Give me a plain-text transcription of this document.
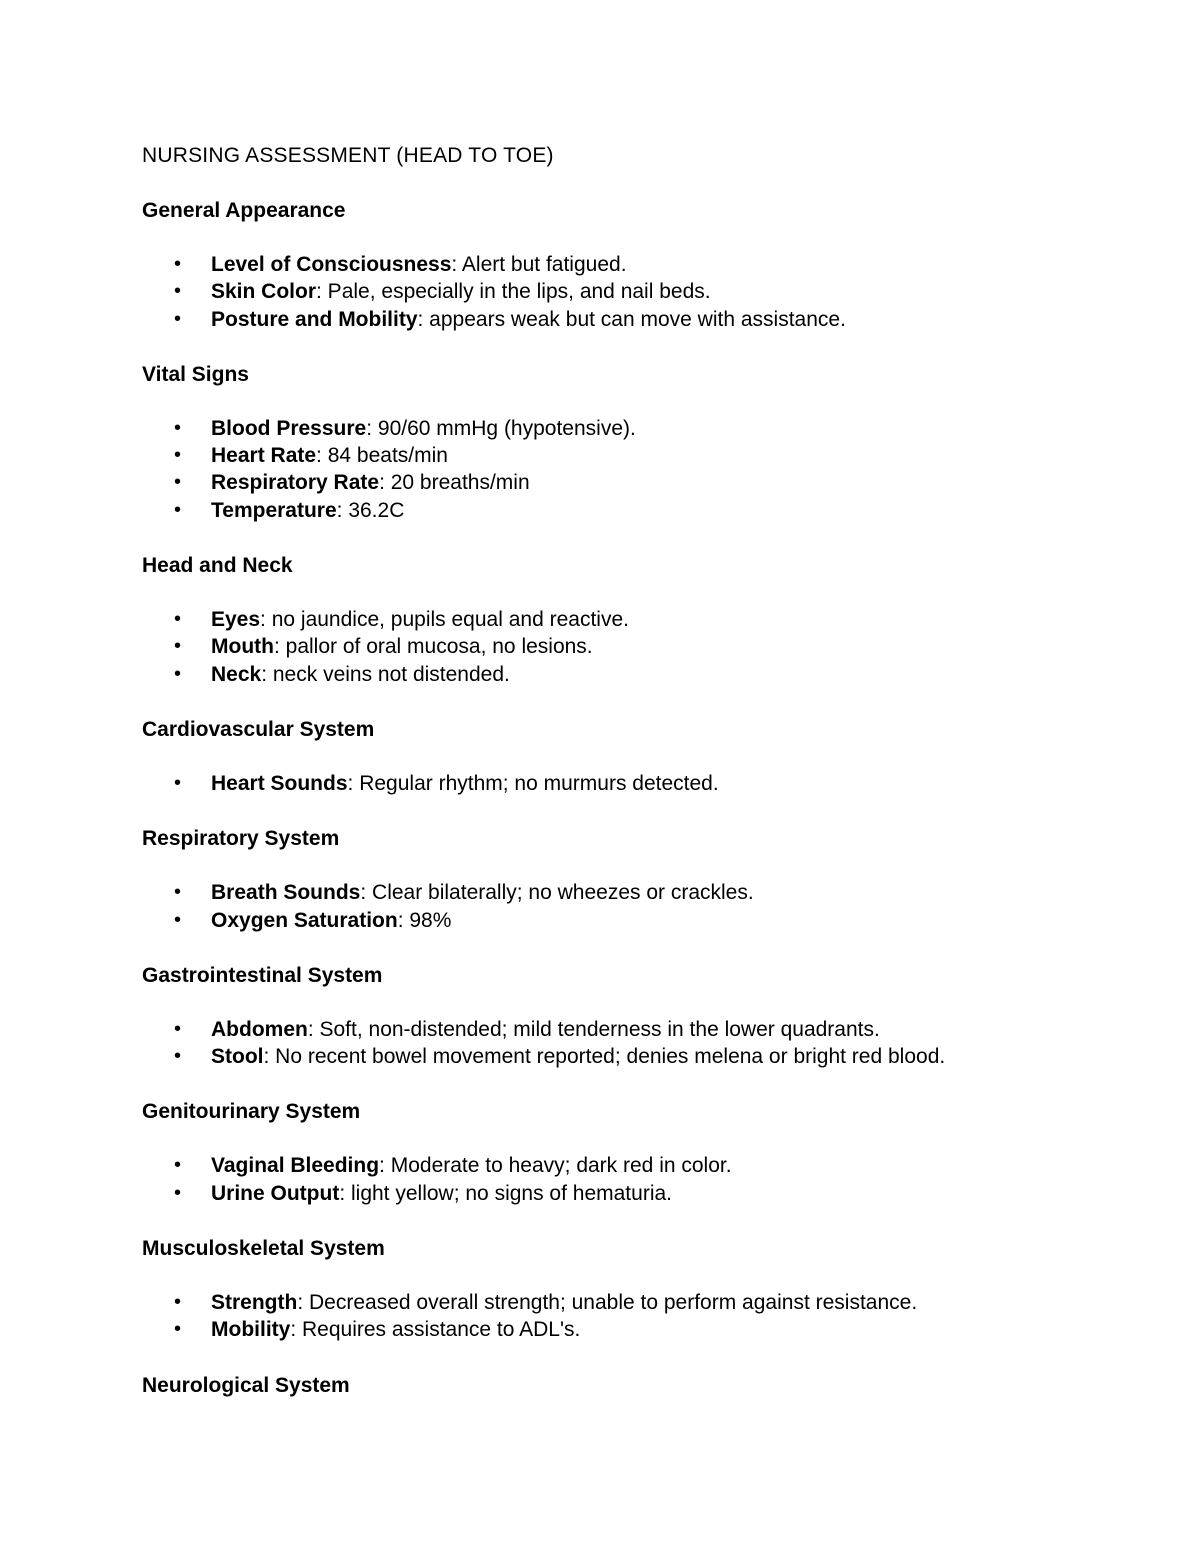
NURSING ASSESSMENT (HEAD TO TOE)
General Appearance
• Level of Consciousness: Alert but fatigued.
• Skin Color: Pale, especially in the lips, and nail beds.
• Posture and Mobility: appears weak but can move with assistance.
Vital Signs
• Blood Pressure: 90/60 mmHg (hypotensive).
• Heart Rate: 84 beats/min
• Respiratory Rate: 20 breaths/min
• Temperature: 36.2C
Head and Neck
• Eyes: no jaundice, pupils equal and reactive.
• Mouth: pallor of oral mucosa, no lesions.
• Neck: neck veins not distended.
Cardiovascular System
• Heart Sounds: Regular rhythm; no murmurs detected.
Respiratory System
• Breath Sounds: Clear bilaterally; no wheezes or crackles.
• Oxygen Saturation: 98%
Gastrointestinal System
• Abdomen: Soft, non-distended; mild tenderness in the lower quadrants.
• Stool: No recent bowel movement reported; denies melena or bright red blood.
Genitourinary System
• Vaginal Bleeding: Moderate to heavy; dark red in color.
• Urine Output: light yellow; no signs of hematuria.
Musculoskeletal System
• Strength: Decreased overall strength; unable to perform against resistance.
• Mobility: Requires assistance to ADL's.
Neurological System
